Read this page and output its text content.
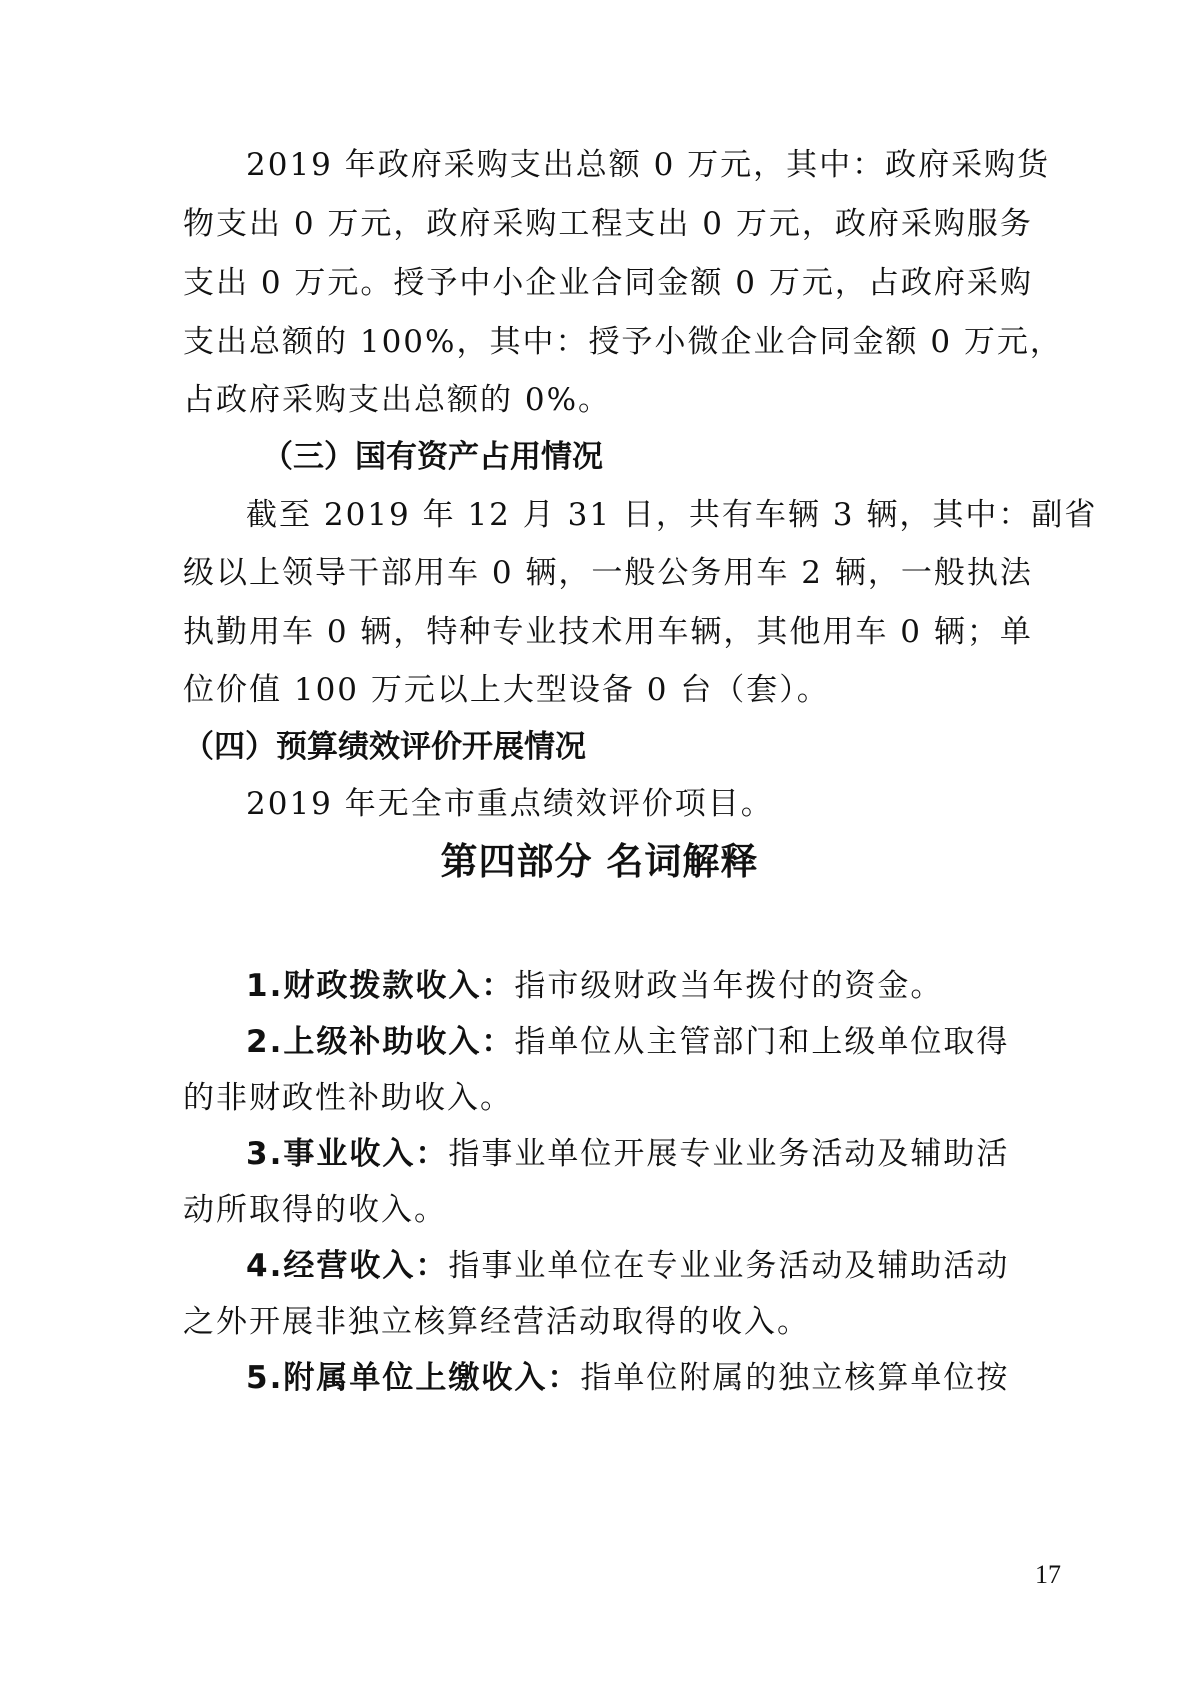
2019 年政府采购支出总额 0 万元，其中：政府采购货
物支出 0 万元，政府采购工程支出 0 万元，政府采购服务
支出 0 万元。授予中小企业合同金额 0 万元，占政府采购
支出总额的 100%，其中：授予小微企业合同金额 0 万元，
占政府采购支出总额的 0%。
（三）国有资产占用情况
截至 2019 年 12 月 31 日，共有车辆 3 辆，其中：副省
级以上领导干部用车 0 辆，一般公务用车 2 辆，一般执法
执勤用车 0 辆，特种专业技术用车辆，其他用车 0 辆；单
位价值 100 万元以上大型设备 0 台（套）。
（四）预算绩效评价开展情况
2019 年无全市重点绩效评价项目。
第四部分 名词解释
1.财政拨款收入：指市级财政当年拨付的资金。
2.上级补助收入：指单位从主管部门和上级单位取得
的非财政性补助收入。
3.事业收入：指事业单位开展专业业务活动及辅助活
动所取得的收入。
4.经营收入：指事业单位在专业业务活动及辅助活动
之外开展非独立核算经营活动取得的收入。
5.附属单位上缴收入：指单位附属的独立核算单位按
17
